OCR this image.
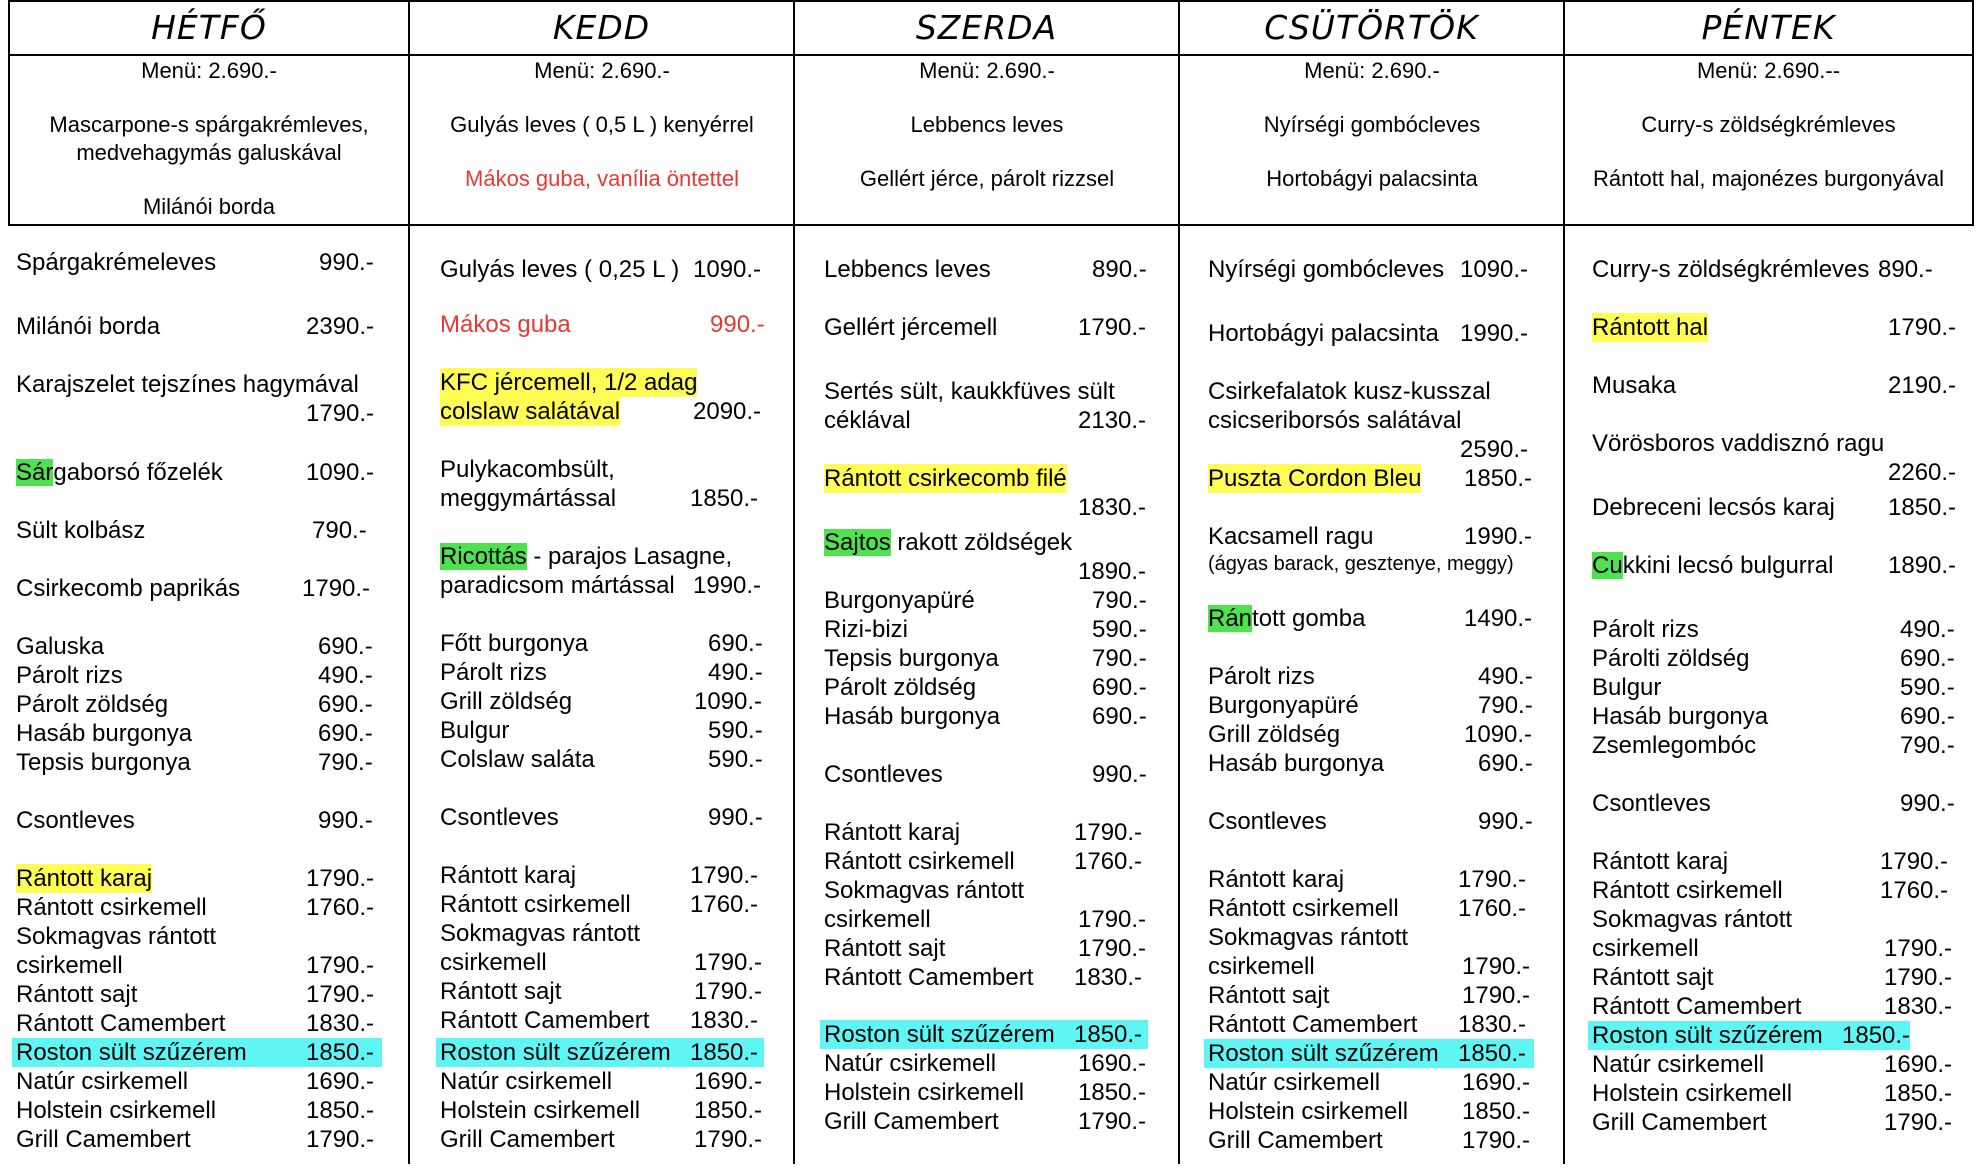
HÉTFŐ	KEDD	SZERDA	CSÜTÖRTÖK	PÉNTEK
Menü: 2.690.-
Mascarpone-s spárgakrémleves, medvehagymás galuskával
Milánói borda
Menü: 2.690.-
Gulyás leves ( 0,5 L ) kenyérrel
Mákos guba, vanília öntettel
Menü: 2.690.-
Lebbencs leves
Gellért jérce, párolt rizzsel
Menü: 2.690.-
Nyírségi gombócleves
Hortobágyi palacsinta
Menü: 2.690.--
Curry-s zöldségkrémleves
Rántott hal, majonézes burgonyával
Spárgakrémeleves	990.-
Milánói borda	2390.-
Karajszelet tejszínes hagymával
1790.-
Sárgaborsó főzelék	1090.-
Sült kolbász	790.-
Csirkecomb paprikás	1790.-
Galuska	690.-
Párolt rizs	490.-
Párolt zöldség	690.-
Hasáb burgonya	690.-
Tepsis burgonya	790.-
Csontleves	990.-
Rántott karaj	1790.-
Rántott csirkemell	1760.-
Sokmagvas rántott
csirkemell	1790.-
Rántott sajt	1790.-
Rántott Camembert	1830.-
Roston sült szűzérem 1850.-
Natúr csirkemell	1690.-
Holstein csirkemell	1850.-
Grill Camembert	1790.-
Gulyás leves ( 0,25 L ) 1090.-
Mákos guba	990.-
KFC jércemell, 1/2 adag
colslaw salátával	2090.-
Pulykacombsült,
meggymártással	1850.-
Ricottás - parajos Lasagne,
paradicsom mártással 1990.-
Főtt burgonya	690.-
Párolt rizs	490.-
Grill zöldség	1090.-
Bulgur	590.-
Colslaw saláta	590.-
Csontleves	990.-
Rántott karaj	1790.-
Rántott csirkemell 1760.-
Sokmagvas rántott
csirkemell	1790.-
Rántott sajt	1790.-
Rántott Camembert 1830.-
Roston sült szűzérem 1850.-
Natúr csirkemell	1690.-
Holstein csirkemell 1850.-
Grill Camembert	1790.-
Lebbencs leves	890.-
Gellért jércemell	1790.-
Sertés sült, kaukkfüves sült
céklával	2130.-
Rántott csirkecomb filé
1830.-
Sajtos rakott zöldségek
1890.-
Burgonyapüré	790.-
Rizi-bizi	590.-
Tepsis burgonya	790.-
Párolt zöldség	690.-
Hasáb burgonya	690.-
Csontleves	990.-
Rántott karaj	1790.-
Rántott csirkemell 1760.-
Sokmagvas rántott
csirkemell	1790.-
Rántott sajt	1790.-
Rántott Camembert 1830.-
Roston sült szűzérem 1850.-
Natúr csirkemell	1690.-
Holstein csirkemell 1850.-
Grill Camembert	1790.-
Nyírségi gombócleves 1090.-
Hortobágyi palacsinta 1990.-
Csirkefalatok kusz-kusszal
csicseriborsós salátával
2590.-
Puszta Cordon Bleu 1850.-
Kacsamell ragu	1990.-
(ágyas barack, gesztenye, meggy)
Rántott gomba	1490.-
Párolt rizs	490.-
Burgonyapüré	790.-
Grill zöldség	1090.-
Hasáb burgonya	690.-
Csontleves	990.-
Rántott karaj	1790.-
Rántott csirkemell 1760.-
Sokmagvas rántott
csirkemell	1790.-
Rántott sajt	1790.-
Rántott Camembert 1830.-
Roston sült szűzérem 1850.-
Natúr csirkemell	1690.-
Holstein csirkemell 1850.-
Grill Camembert	1790.-
Curry-s zöldségkrémleves 890.-
Rántott hal	1790.-
Musaka	2190.-
Vörösboros vaddisznó ragu
2260.-
Debreceni lecsós karaj 1850.-
Cukkini lecsó bulgurral 1890.-
Párolt rizs	490.-
Párolti zöldség	690.-
Bulgur	590.-
Hasáb burgonya	690.-
Zsemlegombóc	790.-
Csontleves	990.-
Rántott karaj	1790.-
Rántott csirkemell	1760.-
Sokmagvas rántott
csirkemell	1790.-
Rántott sajt	1790.-
Rántott Camembert	1830.-
Roston sült szűzérem 1850.-
Natúr csirkemell	1690.-
Holstein csirkemell	1850.-
Grill Camembert	1790.-
